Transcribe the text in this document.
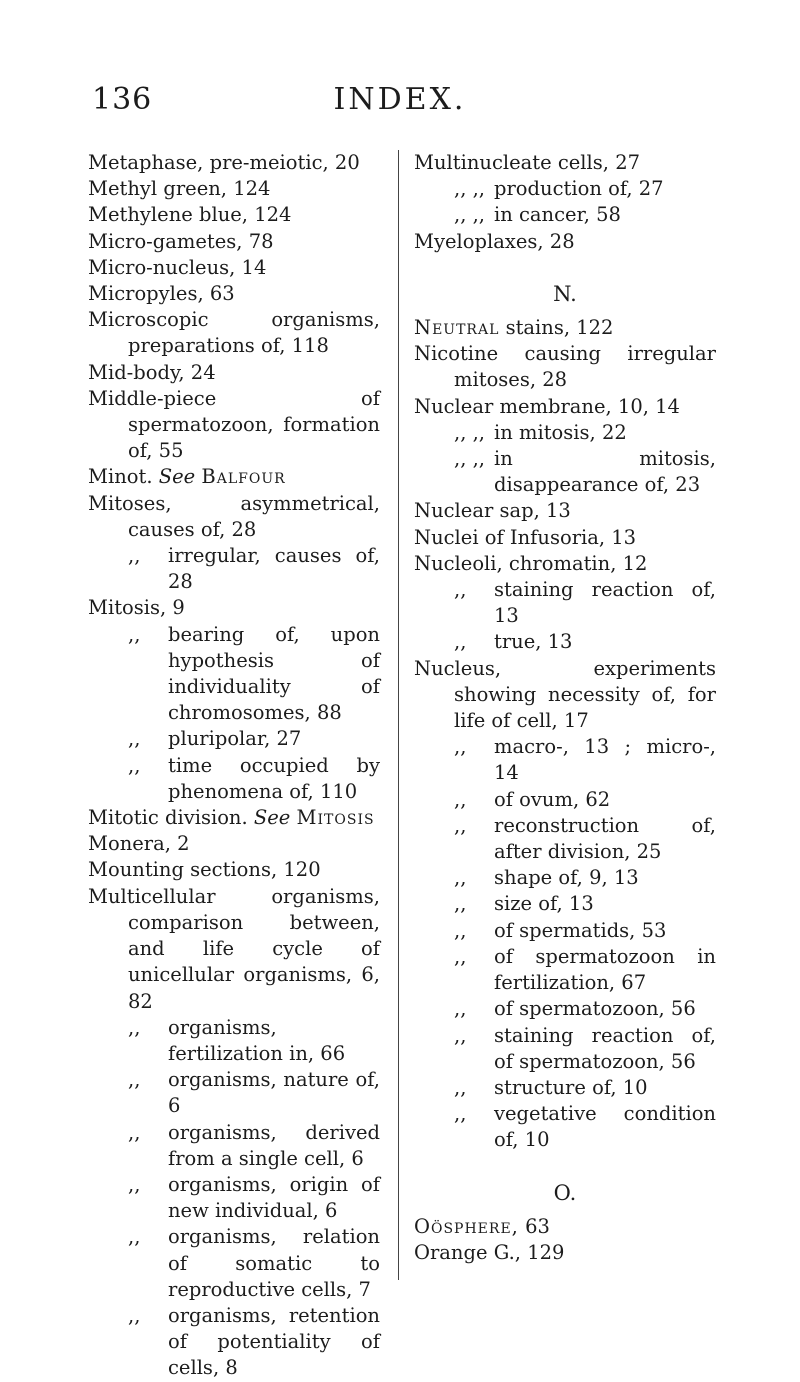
136	INDEX.

Metaphase, pre-meiotic, 20

Methyl green, 124

Methylene blue, 124

Micro-gametes, 78

Micro-nucleus, 14

Micropyles, 63

Microscopic organisms, preparations of, 118

Mid-body, 24

Middle-piece of spermatozoon, formation of, 55

Minot. See Balfour

Mitoses, asymmetrical, causes of, 28

,, irregular, causes of, 28

Mitosis, 9

,, bearing of, upon hypothesis of individuality of chromosomes, 88

,, pluripolar, 27

,, time occupied by phenomena of, 110

Mitotic division. See Mitosis

Monera, 2

Mounting sections, 120

Multicellular organisms, comparison between, and life cycle of unicellular organisms, 6, 82

,, organisms, fertilization in, 66

,, organisms, nature of, 6

,, organisms, derived from a single cell, 6

,, organisms, origin of new individual, 6

,, organisms, relation of somatic to reproductive cells, 7

,, organisms, retention of potentiality of cells, 8

Multinucleate cells, 27

,, ,, production of, 27

,, ,, in cancer, 58

Myeloplaxes, 28

N.

Neutral stains, 122

Nicotine causing irregular mitoses, 28

Nuclear membrane, 10, 14

,, ,, in mitosis, 22

,, ,, in mitosis, disappearance of, 23

Nuclear sap, 13

Nuclei of Infusoria, 13

Nucleoli, chromatin, 12

,, staining reaction of, 13

,, true, 13

Nucleus, experiments showing necessity of, for life of cell, 17

,, macro-, 13 ; micro-, 14

,, of ovum, 62

,, reconstruction of, after division, 25

,, shape of, 9, 13

,, size of, 13

,, of spermatids, 53

,, of spermatozoon in fertilization, 67

,, of spermatozoon, 56

,, staining reaction of, of spermatozoon, 56

,, structure of, 10

,, vegetative condition of, 10

O.

Oösphere, 63

Orange G., 129
